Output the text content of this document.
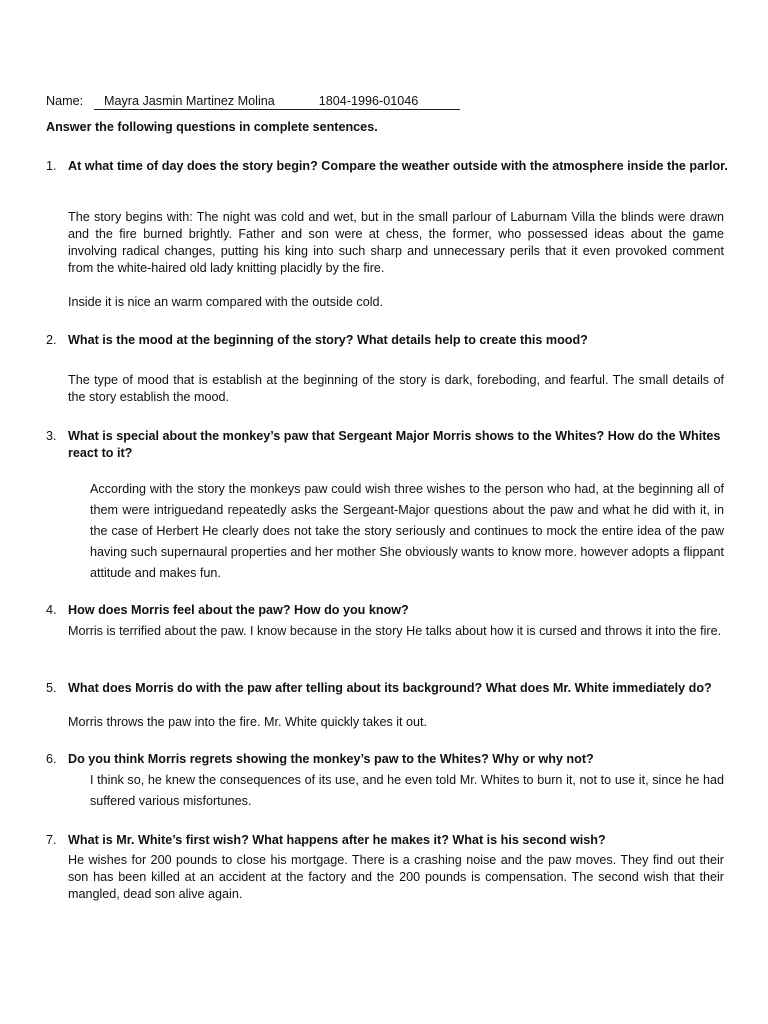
Name: Mayra Jasmin Martinez Molina	1804-1996-01046
Answer the following questions in complete sentences.
1. At what time of day does the story begin? Compare the weather outside with the atmosphere inside the parlor.
The story begins with: The night was cold and wet, but in the small parlour of Laburnam Villa the blinds were drawn and the fire burned brightly. Father and son were at chess, the former, who possessed ideas about the game involving radical changes, putting his king into such sharp and unnecessary perils that it even provoked comment from the white-haired old lady knitting placidly by the fire.
Inside it is nice an warm compared with the outside cold.
2. What is the mood at the beginning of the story? What details help to create this mood?
The type of mood that is establish at the beginning of the story is dark, foreboding, and fearful. The small details of the story establish the mood.
3. What is special about the monkey’s paw that Sergeant Major Morris shows to the Whites? How do the Whites react to it?
According with the story the monkeys paw could wish three wishes to the person who had, at the beginning all of them were intriguedand repeatedly asks the Sergeant-Major questions about the paw and what he did with it, in the case of Herbert He clearly does not take the story seriously and continues to mock the entire idea of the paw having such supernaural properties and her mother She obviously wants to know more. however adopts a flippant attitude and makes fun.
4. How does Morris feel about the paw? How do you know?
Morris is terrified about the paw. I know because in the story He talks about how it is cursed and throws it into the fire.
5. What does Morris do with the paw after telling about its background? What does Mr. White immediately do?
Morris throws the paw into the fire. Mr. White quickly takes it out.
6. Do you think Morris regrets showing the monkey’s paw to the Whites? Why or why not?
I think so, he knew the consequences of its use, and he even told Mr. Whites to burn it, not to use it, since he had suffered various misfortunes.
7. What is Mr. White’s first wish? What happens after he makes it? What is his second wish?
He wishes for 200 pounds to close his mortgage. There is a crashing noise and the paw moves. They find out their son has been killed at an accident at the factory and the 200 pounds is compensation. The second wish that their mangled, dead son alive again.
